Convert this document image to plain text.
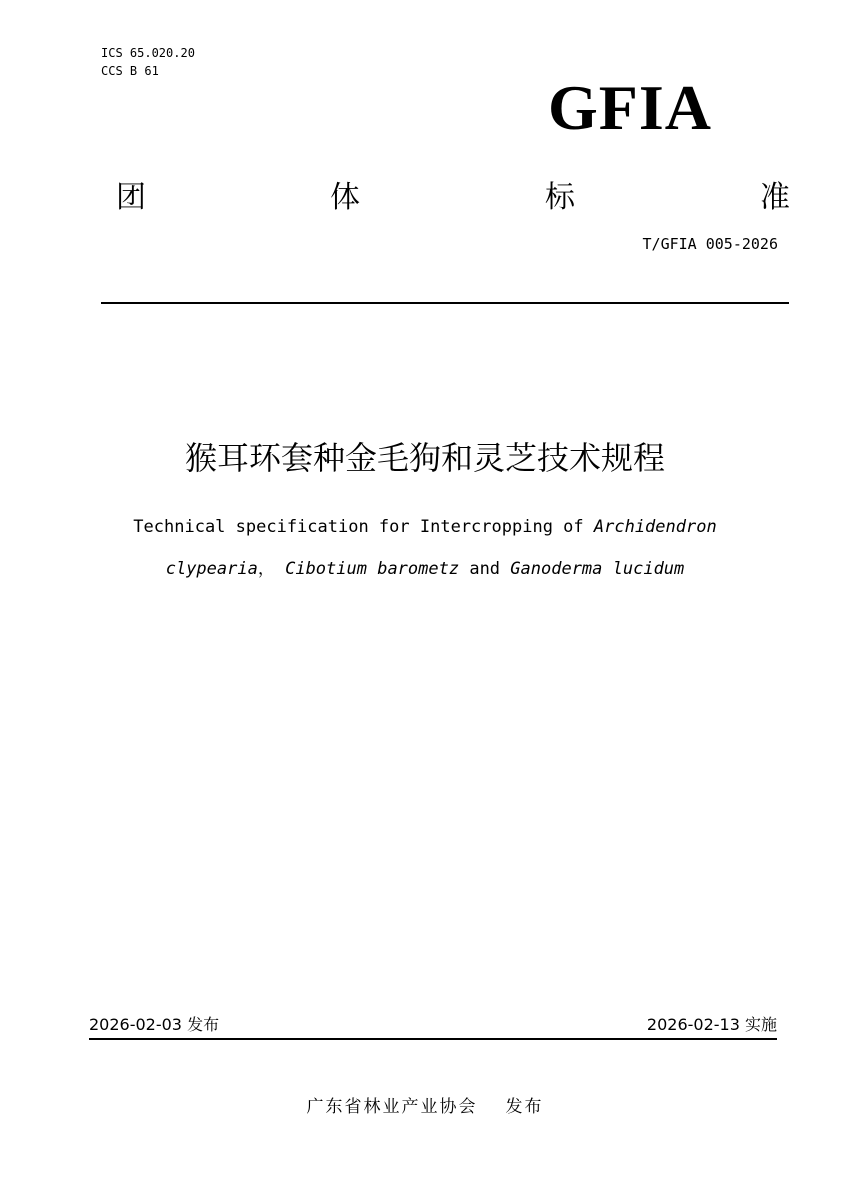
ICS 65.020.20
CCS B 61
GFIA
团	体	标	准
T/GFIA 005-2026
猴耳环套种金毛狗和灵芝技术规程
Technical specification for Intercropping of Archidendron
clypearia， Cibotium barometz and Ganoderma lucidum
2026-02-03 发布	2026-02-13 实施
广东省林业产业协会 发布
